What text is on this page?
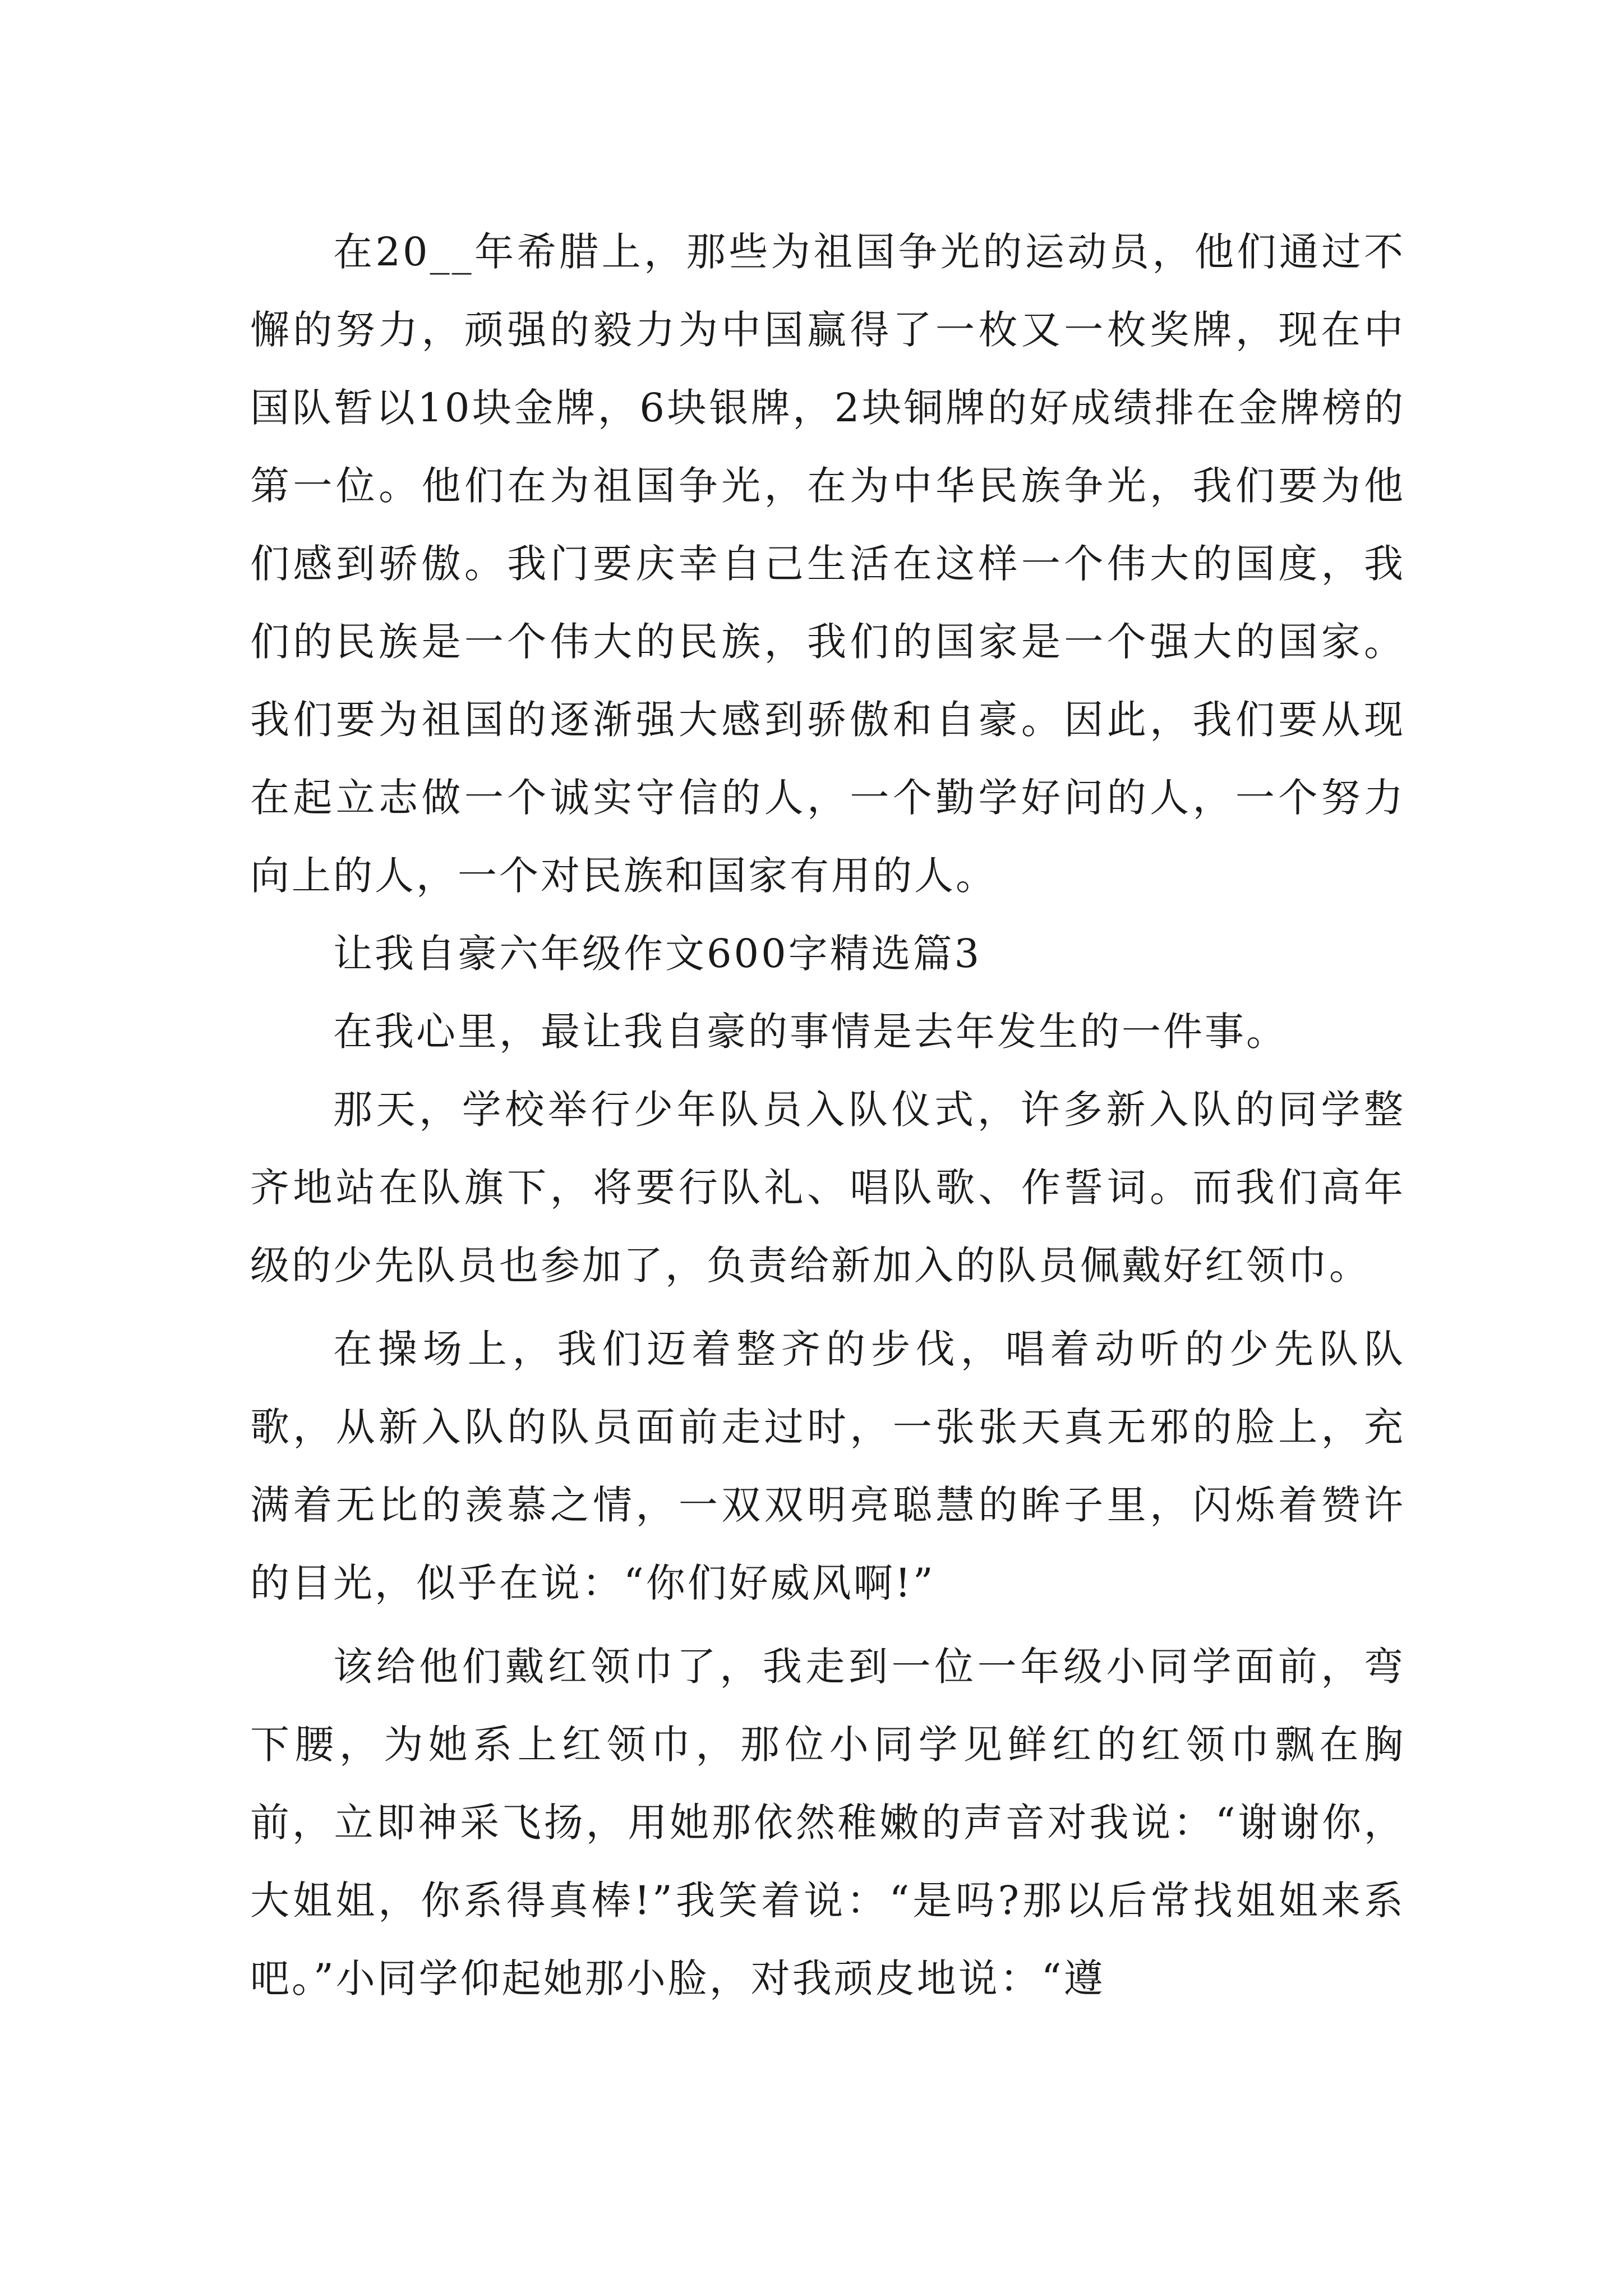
在20__年希腊上，那些为祖国争光的运动员，他们通过不懈的努力，顽强的毅力为中国赢得了一枚又一枚奖牌，现在中国队暂以10块金牌，6块银牌，2块铜牌的好成绩排在金牌榜的第一位。他们在为祖国争光，在为中华民族争光，我们要为他们感到骄傲。我门要庆幸自己生活在这样一个伟大的国度，我们的民族是一个伟大的民族，我们的国家是一个强大的国家。我们要为祖国的逐渐强大感到骄傲和自豪。因此，我们要从现在起立志做一个诚实守信的人，一个勤学好问的人，一个努力向上的人，一个对民族和国家有用的人。

让我自豪六年级作文600字精选篇3

在我心里，最让我自豪的事情是去年发生的一件事。

那天，学校举行少年队员入队仪式，许多新入队的同学整齐地站在队旗下，将要行队礼、唱队歌、作誓词。而我们高年级的少先队员也参加了，负责给新加入的队员佩戴好红领巾。

在操场上，我们迈着整齐的步伐，唱着动听的少先队队歌，从新入队的队员面前走过时，一张张天真无邪的脸上，充满着无比的羡慕之情，一双双明亮聪慧的眸子里，闪烁着赞许的目光，似乎在说：“你们好威风啊!”

该给他们戴红领巾了，我走到一位一年级小同学面前，弯下腰，为她系上红领巾，那位小同学见鲜红的红领巾飘在胸前，立即神采飞扬，用她那依然稚嫩的声音对我说：“谢谢你，大姐姐，你系得真棒!”我笑着说：“是吗?那以后常找姐姐来系吧。”小同学仰起她那小脸，对我顽皮地说：“遵
